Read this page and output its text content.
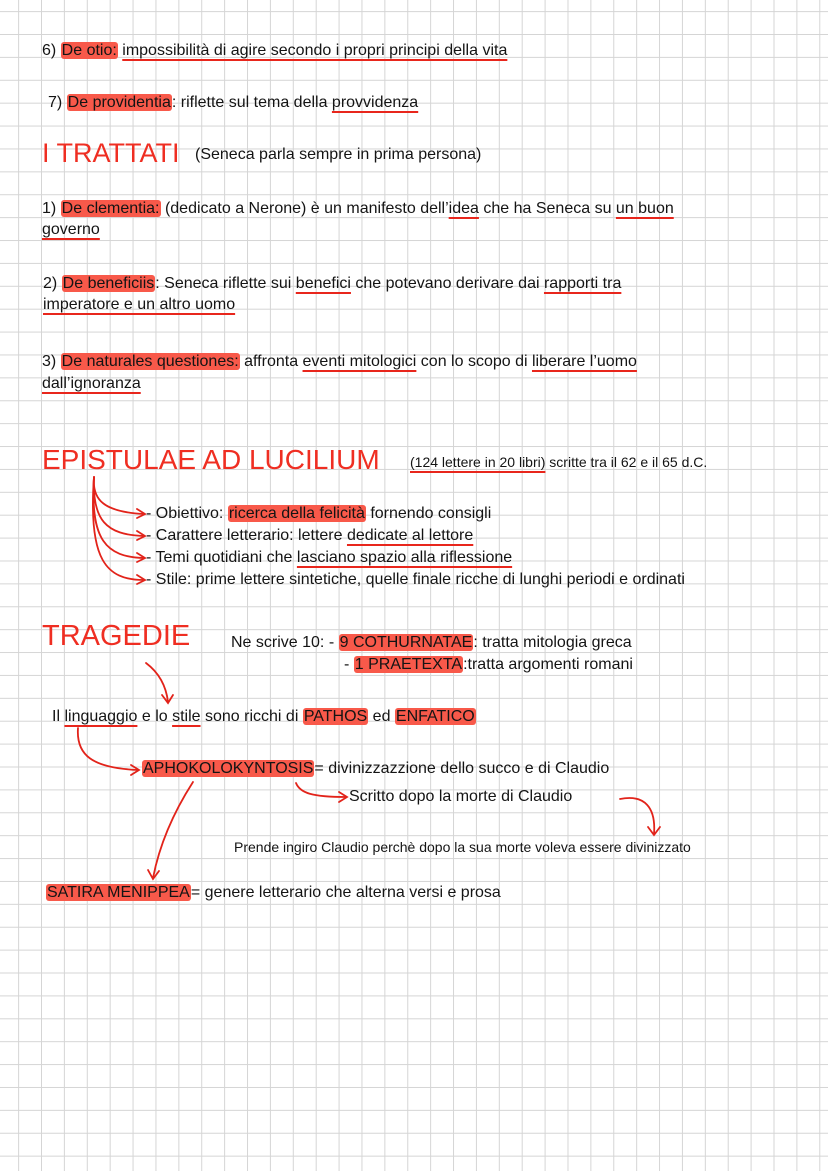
6) De otio: impossibilità di agire secondo i propri principi della vita
7) De providentia: riflette sul tema della provvidenza
I TRATTATI (Seneca parla sempre in prima persona)
1) De clementia: (dedicato a Nerone) è un manifesto dell’idea che ha Seneca su un buon
governo
2) De beneficiis: Seneca riflette sui benefici che potevano derivare dai rapporti tra
imperatore e un altro uomo
3) De naturales questiones: affronta eventi mitologici con lo scopo di liberare l’uomo
dall’ignoranza
EPISTULAE AD LUCILIUM (124 lettere in 20 libri) scritte tra il 62 e il 65 d.C.
- Obiettivo: ricerca della felicità fornendo consigli
- Carattere letterario: lettere dedicate al lettore
- Temi quotidiani che lasciano spazio alla riflessione
- Stile: prime lettere sintetiche, quelle finale ricche di lunghi periodi e ordinati
TRAGEDIE	Ne scrive 10: - 9 COTHURNATAE: tratta mitologia greca
- 1 PRAETEXTA:tratta argomenti romani
Il linguaggio e lo stile sono ricchi di PATHOS ed ENFATICO
APHOKOLOKYNTOSIS= divinizzazzione dello succo e di Claudio
Scritto dopo la morte di Claudio
Prende ingiro Claudio perchè dopo la sua morte voleva essere divinizzato
SATIRA MENIPPEA= genere letterario che alterna versi e prosa
